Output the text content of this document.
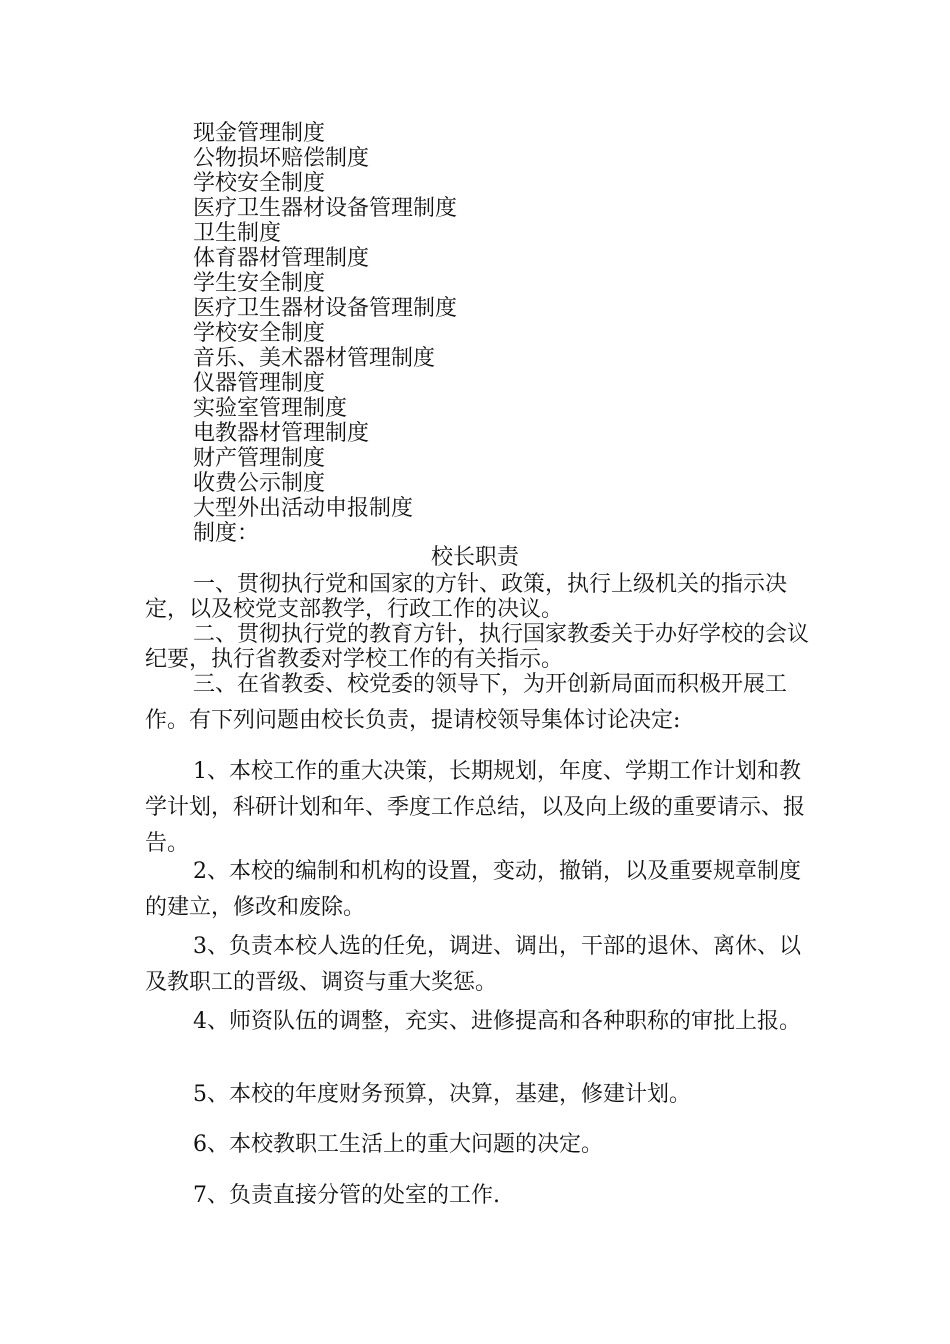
现金管理制度
公物损坏赔偿制度
学校安全制度
医疗卫生器材设备管理制度
卫生制度
体育器材管理制度
学生安全制度
医疗卫生器材设备管理制度
学校安全制度
音乐、美术器材管理制度
仪器管理制度
实验室管理制度
电教器材管理制度
财产管理制度
收费公示制度
大型外出活动申报制度
制度：
校长职责

一、贯彻执行党和国家的方针、政策，执行上级机关的指示决定，以及校党支部教学，行政工作的决议。

二、贯彻执行党的教育方针，执行国家教委关于办好学校的会议纪要，执行省教委对学校工作的有关指示。

三、在省教委、校党委的领导下，为开创新局面而积极开展工作。有下列问题由校长负责，提请校领导集体讨论决定:

1、本校工作的重大决策，长期规划，年度、学期工作计划和教学计划，科研计划和年、季度工作总结，以及向上级的重要请示、报告。

2、本校的编制和机构的设置，变动，撤销，以及重要规章制度的建立，修改和废除。

3、负责本校人选的任免，调进、调出，干部的退休、离休、以及教职工的晋级、调资与重大奖惩。

4、师资队伍的调整，充实、进修提高和各种职称的审批上报。

5、本校的年度财务预算，决算，基建，修建计划。

6、本校教职工生活上的重大问题的决定。

7、负责直接分管的处室的工作.
